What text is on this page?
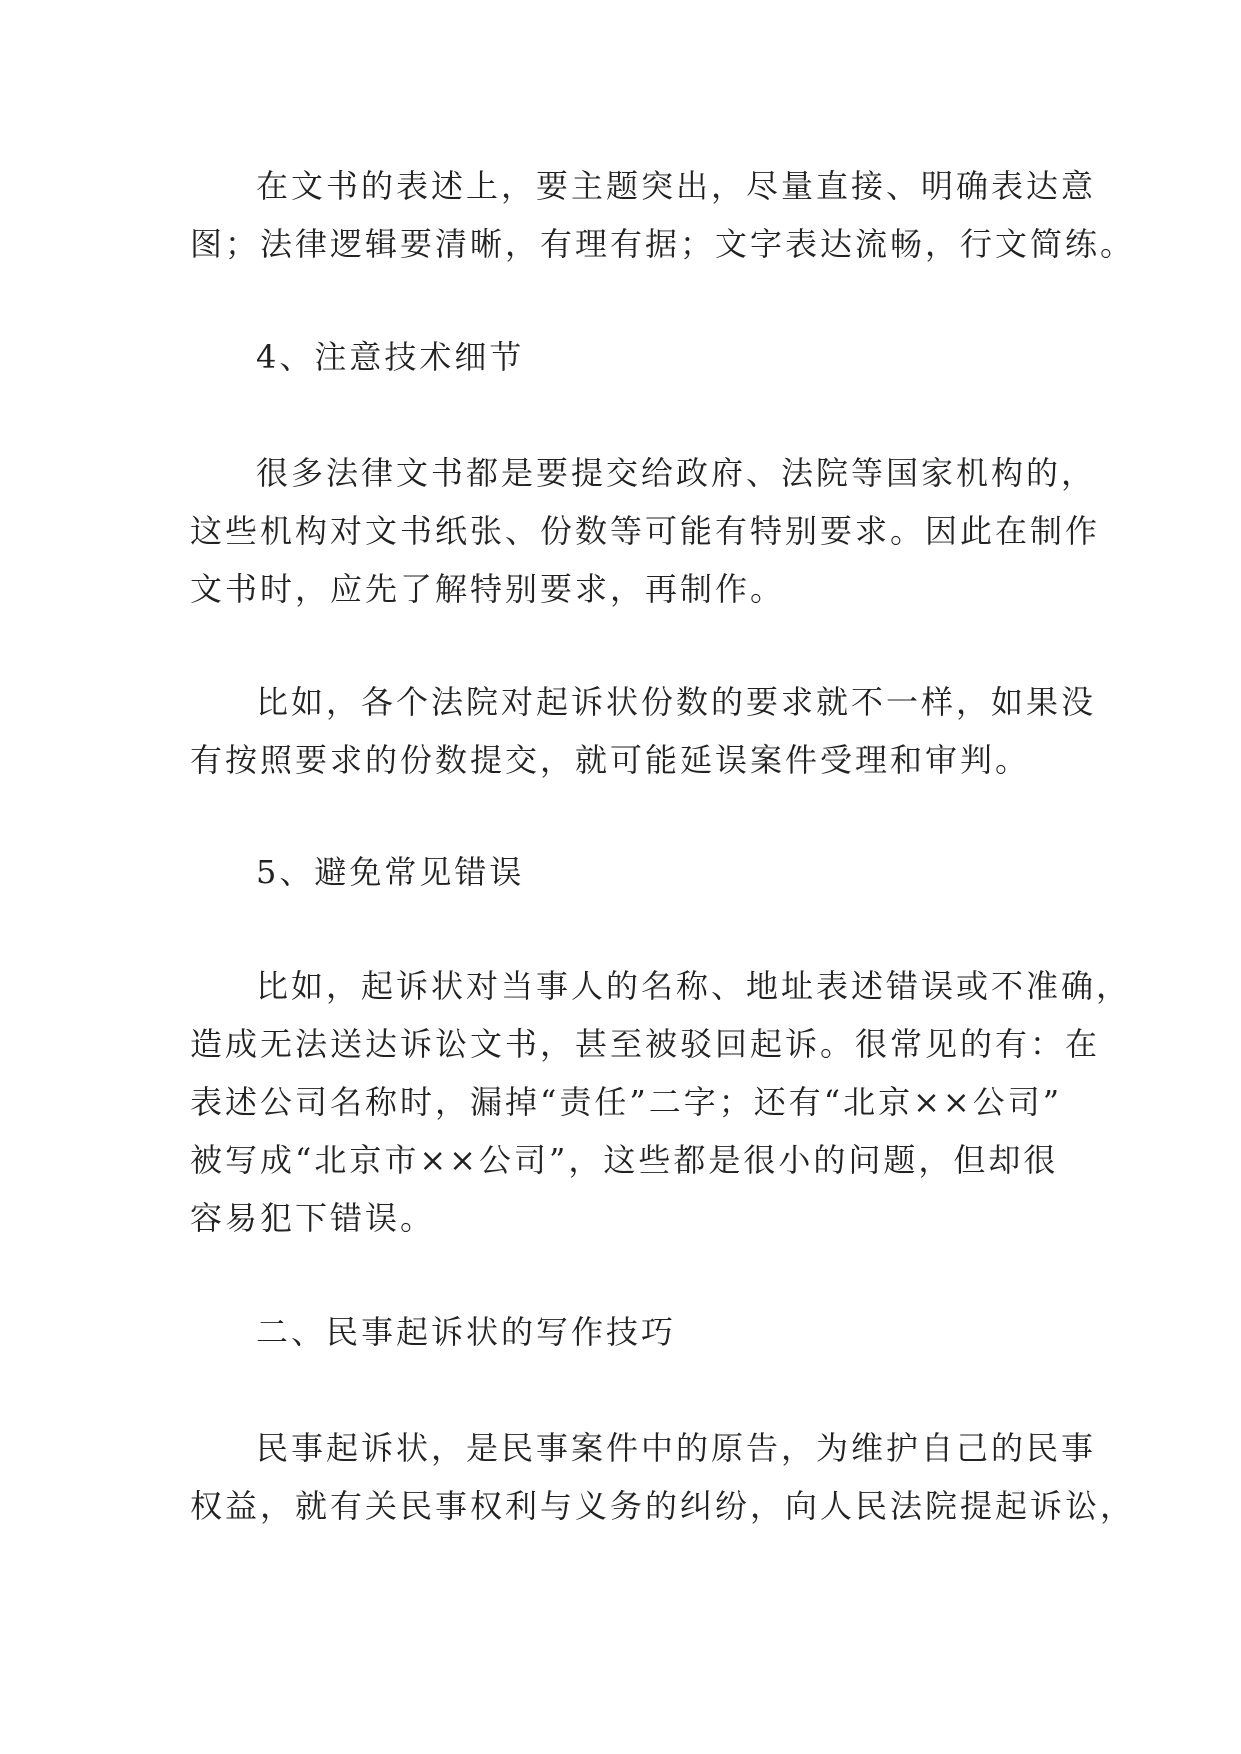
在文书的表述上，要主题突出，尽量直接、明确表达意
图；法律逻辑要清晰，有理有据；文字表达流畅，行文简练。
4、注意技术细节
很多法律文书都是要提交给政府、法院等国家机构的，
这些机构对文书纸张、份数等可能有特别要求。因此在制作
文书时，应先了解特别要求，再制作。
比如，各个法院对起诉状份数的要求就不一样，如果没
有按照要求的份数提交，就可能延误案件受理和审判。
5、避免常见错误
比如，起诉状对当事人的名称、地址表述错误或不准确，
造成无法送达诉讼文书，甚至被驳回起诉。很常见的有：在
表述公司名称时，漏掉“责任”二字；还有“北京××公司”
被写成“北京市××公司”，这些都是很小的问题，但却很
容易犯下错误。
二、民事起诉状的写作技巧
民事起诉状，是民事案件中的原告，为维护自己的民事
权益，就有关民事权利与义务的纠纷，向人民法院提起诉讼，
